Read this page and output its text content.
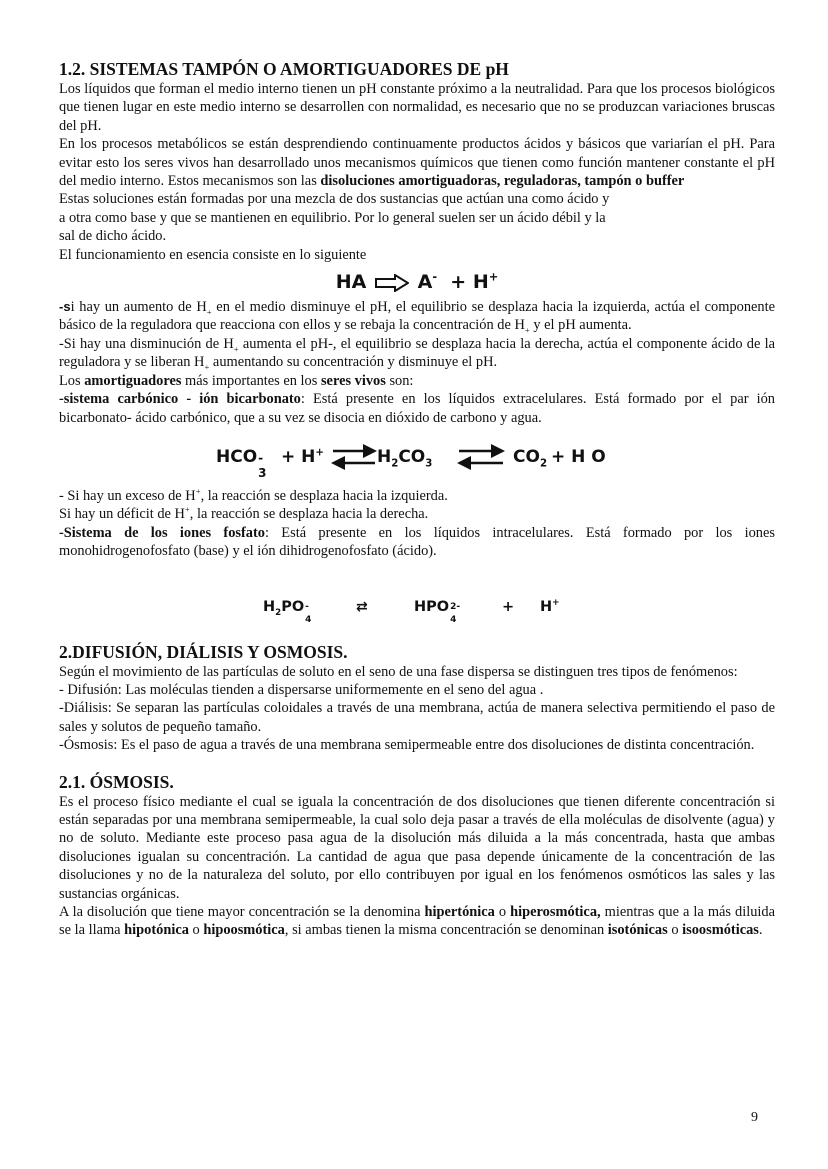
1.2. SISTEMAS TAMPÓN O AMORTIGUADORES DE pH

Los líquidos que forman el medio interno tienen un pH constante próximo a la neutralidad. Para que los procesos biológicos que tienen lugar en este medio interno se desarrollen con normalidad, es necesario que no se produzcan variaciones bruscas del pH.

En los procesos metabólicos se están desprendiendo continuamente productos ácidos y básicos que variarían el pH. Para evitar esto los seres vivos han desarrollado unos mecanismos químicos que tienen como función mantener constante el pH del medio interno. Estos mecanismos son las disoluciones amortiguadoras, reguladoras, tampón o buffer

Estas soluciones están formadas por una mezcla de dos sustancias que actúan una como ácido y

a otra como base y que se mantienen en equilibrio. Por lo general suelen ser un ácido débil y la

sal de dicho ácido.

El funcionamiento en esencia consiste en lo siguiente

HA	A- + H+

-si hay un aumento de $H_+$ en el medio disminuye el pH, el equilibrio se desplaza hacia la izquierda, actúa el componente básico de la reguladora que reacciona con ellos y se rebaja la concentración de $H_+$ y el pH aumenta.

-Si hay una disminución de $H_+$ aumenta el pH-, el equilibrio se desplaza hacia la derecha, actúa el componente ácido de la reguladora y se liberan $H_+$ aumentando su concentración y disminuye el pH.

Los amortiguadores más importantes en los seres vivos son:

-sistema carbónico - ión bicarbonato: Está presente en los líquidos extracelulares. Está formado por el par ión bicarbonato- ácido carbónico, que a su vez se disocia en dióxido de carbono y agua.

HCO -
3
+ H+ ⇌
$H_2CO_3$ ⇌ $CO_2 + H$ O

- Si hay un exceso de H+, la reacción se desplaza hacia la izquierda.

Si hay un déficit de H+, la reacción se desplaza hacia la derecha.

-Sistema de los iones fosfato: Está presente en los líquidos intracelulares. Está formado por los iones monohidrogenofosfato (base) y el ión dihidrogenofosfato (ácido).

$H_2PO$ -
4
⇄	HPO 2-
4
+ H+
2.DIFUSIÓN, DIÁLISIS Y OSMOSIS.

Según el movimiento de las partículas de soluto en el seno de una fase dispersa se distinguen tres tipos de fenómenos:

- Difusión: Las moléculas tienden a dispersarse uniformemente en el seno del agua .

-Diálisis: Se separan las partículas coloidales a través de una membrana, actúa de manera selectiva permitiendo el paso de sales y solutos de pequeño tamaño.

-Ósmosis: Es el paso de agua a través de una membrana semipermeable entre dos disoluciones de distinta concentración.

2.1. ÓSMOSIS.

Es el proceso físico mediante el cual se iguala la concentración de dos disoluciones que tienen diferente concentración si están separadas por una membrana semipermeable, la cual solo deja pasar a través de ella moléculas de disolvente (agua) y no de soluto. Mediante este proceso pasa agua de la disolución más diluida a la más concentrada, hasta que ambas disoluciones igualan su concentración. La cantidad de agua que pasa depende únicamente de la concentración de las disoluciones y no de la naturaleza del soluto, por ello contribuyen por igual en los fenómenos osmóticos las sales y las sustancias orgánicas.

A la disolución que tiene mayor concentración se la denomina hipertónica o hiperosmótica, mientras que a la más diluida se la llama hipotónica o hipoosmótica, si ambas tienen la misma concentración se denominan isotónicas o isoosmóticas.

9
